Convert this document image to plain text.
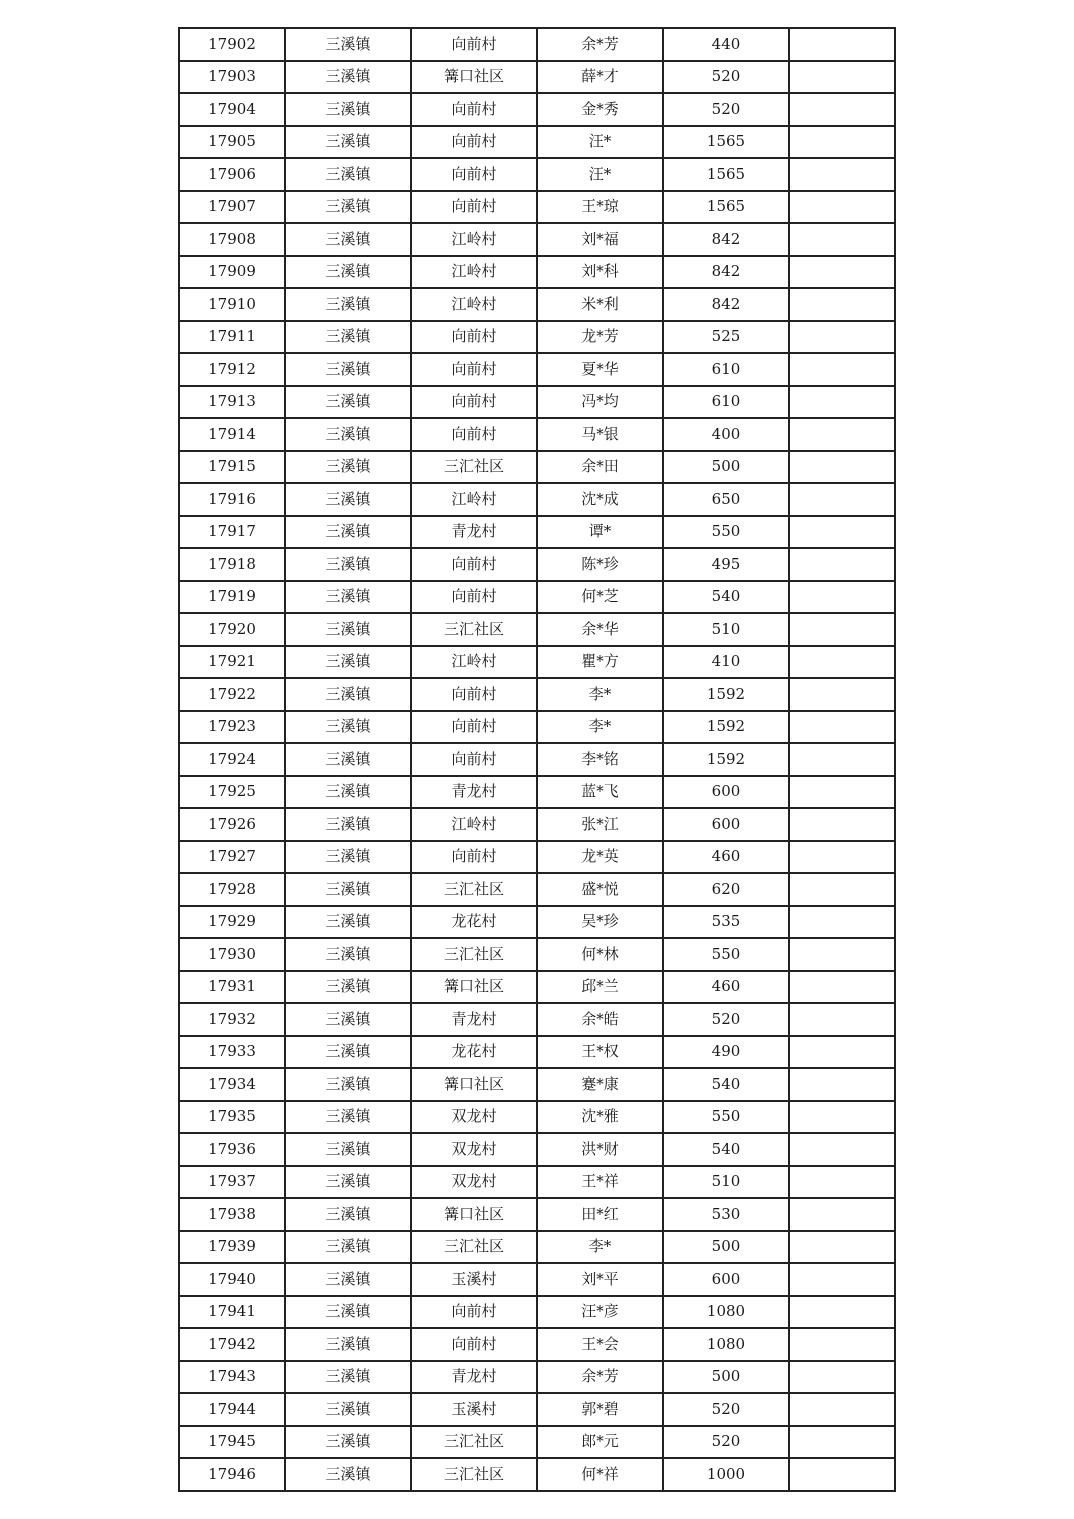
17902	三溪镇	向前村	余*芳	440	
17903	三溪镇	篝口社区	薛*才	520	
17904	三溪镇	向前村	金*秀	520	
17905	三溪镇	向前村	汪*	1565	
17906	三溪镇	向前村	汪*	1565	
17907	三溪镇	向前村	王*琼	1565	
17908	三溪镇	江岭村	刘*福	842	
17909	三溪镇	江岭村	刘*科	842	
17910	三溪镇	江岭村	米*利	842	
17911	三溪镇	向前村	龙*芳	525	
17912	三溪镇	向前村	夏*华	610	
17913	三溪镇	向前村	冯*均	610	
17914	三溪镇	向前村	马*银	400	
17915	三溪镇	三汇社区	余*田	500	
17916	三溪镇	江岭村	沈*成	650	
17917	三溪镇	青龙村	谭*	550	
17918	三溪镇	向前村	陈*珍	495	
17919	三溪镇	向前村	何*芝	540	
17920	三溪镇	三汇社区	余*华	510	
17921	三溪镇	江岭村	瞿*方	410	
17922	三溪镇	向前村	李*	1592	
17923	三溪镇	向前村	李*	1592	
17924	三溪镇	向前村	李*铭	1592	
17925	三溪镇	青龙村	蓝*飞	600	
17926	三溪镇	江岭村	张*江	600	
17927	三溪镇	向前村	龙*英	460	
17928	三溪镇	三汇社区	盛*悦	620	
17929	三溪镇	龙花村	吴*珍	535	
17930	三溪镇	三汇社区	何*林	550	
17931	三溪镇	篝口社区	邱*兰	460	
17932	三溪镇	青龙村	余*皓	520	
17933	三溪镇	龙花村	王*权	490	
17934	三溪镇	篝口社区	蹇*康	540	
17935	三溪镇	双龙村	沈*雅	550	
17936	三溪镇	双龙村	洪*财	540	
17937	三溪镇	双龙村	王*祥	510	
17938	三溪镇	篝口社区	田*红	530	
17939	三溪镇	三汇社区	李*	500	
17940	三溪镇	玉溪村	刘*平	600	
17941	三溪镇	向前村	汪*彦	1080	
17942	三溪镇	向前村	王*会	1080	
17943	三溪镇	青龙村	余*芳	500	
17944	三溪镇	玉溪村	郭*碧	520	
17945	三溪镇	三汇社区	郎*元	520	
17946	三溪镇	三汇社区	何*祥	1000	
